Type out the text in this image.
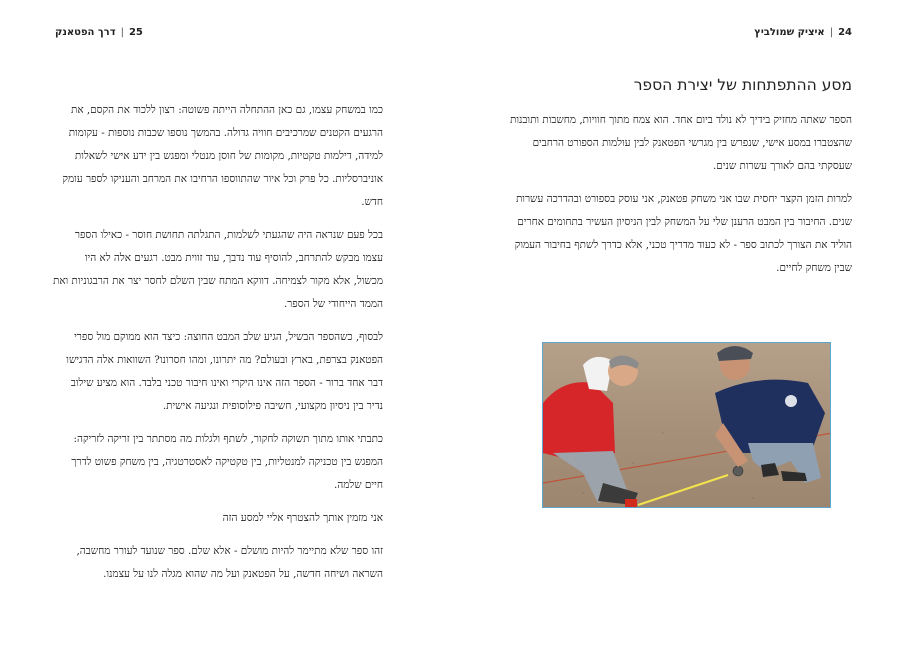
25|דרך הפטאנק	24|איציק שמולביץ
מסע ההתפתחות של יצירת הספר

הספר שאתה מחזיק בידיך לא נולד ביום אחד. הוא צמח מתוך חוויות, מחשבות ותובנות שהצטברו במסע אישי, שנפרש בין מגרשי הפטאנק לבין עולמות הספורט הרחבים שעסקתי בהם לאורך עשרות שנים.

למרות הזמן הקצר יחסית שבו אני משחק פטאנק, אני עוסק בספורט ובהדרכה עשרות שנים. החיבור בין המבט הרענן שלי על המשחק לבין הניסיון העשיר בתחומים אחרים הוליד את הצורך לכתוב ספר - לא כעוד מדריך טכני, אלא כדרך לשתף בחיבור העמוק שבין משחק לחיים.

כמו במשחק עצמו, גם כאן ההתחלה הייתה פשוטה: רצון ללכוד את הקסם, את הרגעים הקטנים שמרכיבים חוויה גדולה. בהמשך נוספו שכבות נוספות - עקומות למידה, דילמות טקטיות, מקומות של חוסן מנטלי ומפגש בין ידע אישי לשאלות אוניברסליות. כל פרק וכל איור שהתווספו הרחיבו את המרחב והעניקו לספר עומק חדש.

בכל פעם שנראה היה שהגעתי לשלמות, התגלתה תחושת חוסר - כאילו הספר עצמו מבקש להתרחב, להוסיף עוד נדבך, עוד זווית מבט. רגעים אלה לא היו מכשול, אלא מקור לצמיחה. דווקא המתח שבין השלם לחסר יצר את הרבגוניות ואת הממד הייחודי של הספר.

לבסוף, כשהספר הבשיל, הגיע שלב המבט החוצה: כיצד הוא ממוקם מול ספרי הפטאנק בצרפת, בארץ ובעולם? מה יתרונו, ומהו חסרונו? השוואות אלה הדגישו דבר אחד ברור - הספר הזה אינו היקרי ואינו חיבור טכני בלבד. הוא מציע שילוב נדיר בין ניסיון מקצועי, חשיבה פילוסופית ונגיעה אישית.

כתבתי אותו מתוך תשוקה לחקור, לשתף ולגלות מה מסתתר בין זריקה לזריקה: המפגש בין טכניקה למנטליות, בין טקטיקה לאסטרטגיה, בין משחק פשוט לדרך חיים שלמה.

אני מזמין אותך להצטרף אליי למסע הזה

זהו ספר שלא מתיימר להיות מושלם - אלא שלם. ספר שנועד לעורר מחשבה, השראה ושיחה חדשה, על הפטאנק ועל מה שהוא מגלה לנו על עצמנו.
